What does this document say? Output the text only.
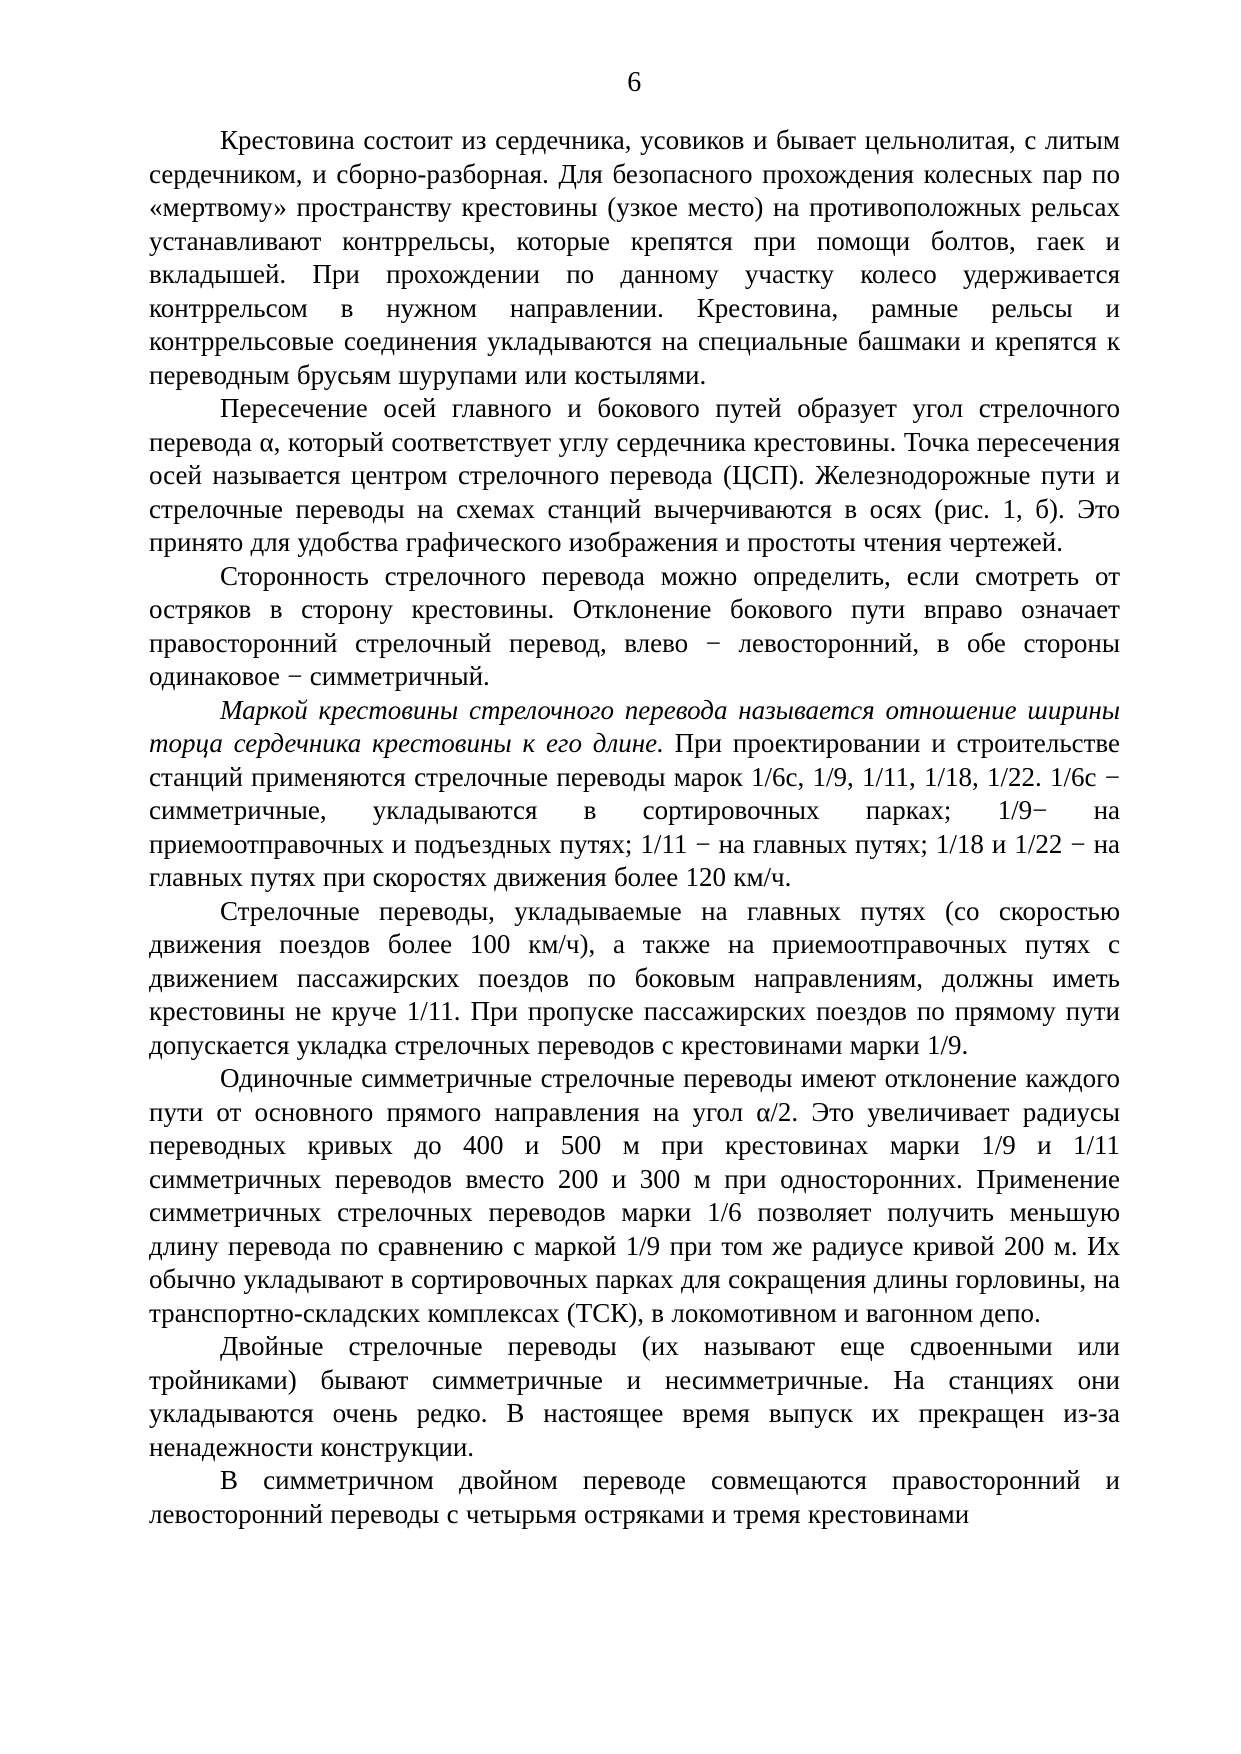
6

Крестовина состоит из сердечника, усовиков и бывает цельнолитая, с литым сердечником, и сборно-разборная. Для безопасного прохождения колесных пар по «мертвому» пространству крестовины (узкое место) на противоположных рельсах устанавливают контррельсы, которые крепятся при помощи болтов, гаек и вкладышей. При прохождении по данному участку колесо удерживается контррельсом в нужном направлении. Крестовина, рамные рельсы и контррельсовые соединения укладываются на специальные башмаки и крепятся к переводным брусьям шурупами или костылями.

Пересечение осей главного и бокового путей образует угол стрелочного перевода α, который соответствует углу сердечника крестовины. Точка пересечения осей называется центром стрелочного перевода (ЦСП). Железнодорожные пути и стрелочные переводы на схемах станций вычерчиваются в осях (рис. 1, б). Это принято для удобства графического изображения и простоты чтения чертежей.

Сторонность стрелочного перевода можно определить, если смотреть от остряков в сторону крестовины. Отклонение бокового пути вправо означает правосторонний стрелочный перевод, влево − левосторонний, в обе стороны одинаковое − симметричный.

Маркой крестовины стрелочного перевода называется отношение ширины торца сердечника крестовины к его длине. При проектировании и строительстве станций применяются стрелочные переводы марок 1/6с, 1/9, 1/11, 1/18, 1/22. 1/6с − симметричные, укладываются в сортировочных парках; 1/9− на приемоотправочных и подъездных путях; 1/11 − на главных путях; 1/18 и 1/22 − на главных путях при скоростях движения более 120 км/ч.

Стрелочные переводы, укладываемые на главных путях (со скоростью движения поездов более 100 км/ч), а также на приемоотправочных путях с движением пассажирских поездов по боковым направлениям, должны иметь крестовины не круче 1/11. При пропуске пассажирских поездов по прямому пути допускается укладка стрелочных переводов с крестовинами марки 1/9.

Одиночные симметричные стрелочные переводы имеют отклонение каждого пути от основного прямого направления на угол α/2. Это увеличивает радиусы переводных кривых до 400 и 500 м при крестовинах марки 1/9 и 1/11 симметричных переводов вместо 200 и 300 м при односторонних. Применение симметричных стрелочных переводов марки 1/6 позволяет получить меньшую длину перевода по сравнению с маркой 1/9 при том же радиусе кривой 200 м. Их обычно укладывают в сортировочных парках для сокращения длины горловины, на транспортно-складских комплексах (ТСК), в локомотивном и вагонном депо.

Двойные стрелочные переводы (их называют еще сдвоенными или тройниками) бывают симметричные и несимметричные. На станциях они укладываются очень редко. В настоящее время выпуск их прекращен из-за ненадежности конструкции.

В симметричном двойном переводе совмещаются правосторонний и левосторонний переводы с четырьмя остряками и тремя крестовинами
